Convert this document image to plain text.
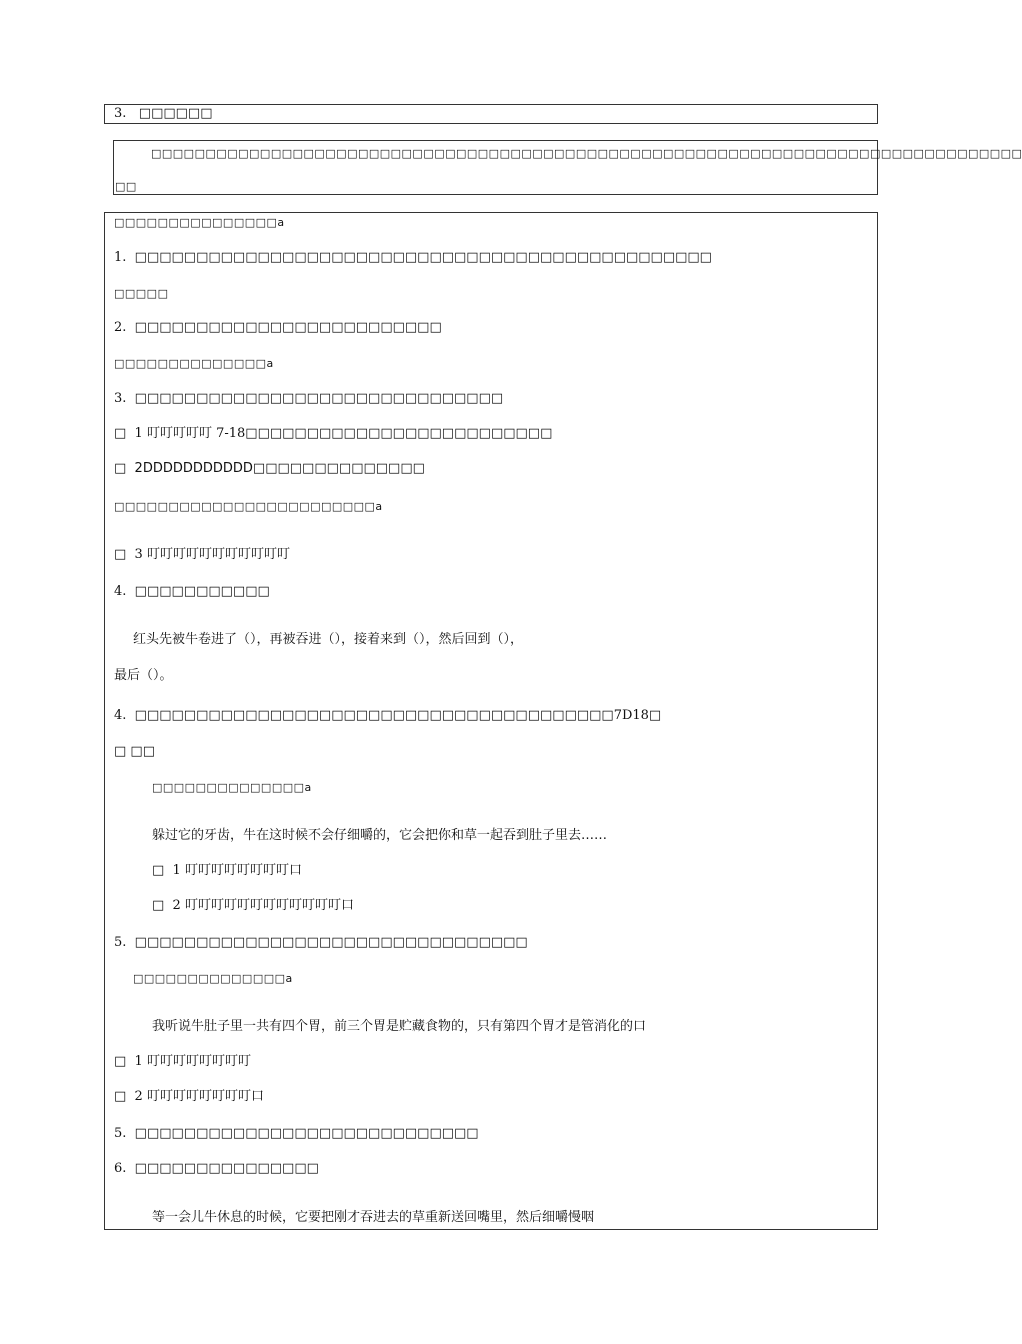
3.   □□□□□□
□□□□□□□□□□□□□□□□□□□□□□□□□□□□□□□□□□□□□□□□□□□□□□□□□□□□□□□□□□□□□□□□□□□□□□□□□□□□□□□□
□□
□□□□□□□□□□□□□□□a
1.  □□□□□□□□□□□□□□□□□□□□□□□□□□□□□□□□□□□□□□□□□□□□□□□
□□□□□
2.  □□□□□□□□□□□□□□□□□□□□□□□□□
□□□□□□□□□□□□□□a
3.  □□□□□□□□□□□□□□□□□□□□□□□□□□□□□□
□  1 叮叮叮叮叮 7-18□□□□□□□□□□□□□□□□□□□□□□□□□
□  2DDDDDDDDDDD□□□□□□□□□□□□□□
□□□□□□□□□□□□□□□□□□□□□□□□a
□  3 叮叮叮叮叮叮叮叮叮叮叮
4.  □□□□□□□□□□□
红头先被牛卷进了（），再被吞进（），接着来到（），然后回到（），
最后（）。
4.  □□□□□□□□□□□□□□□□□□□□□□□□□□□□□□□□□□□□□□□7D18□
□ □□
□□□□□□□□□□□□□□a
躲过它的牙齿，牛在这时候不会仔细嚼的，它会把你和草一起吞到肚子里去……
□  1 叮叮叮叮叮叮叮叮口
□  2 叮叮叮叮叮叮叮叮叮叮叮叮口
5.  □□□□□□□□□□□□□□□□□□□□□□□□□□□□□□□□
□□□□□□□□□□□□□□a
我听说牛肚子里一共有四个胃，前三个胃是贮藏食物的，只有第四个胃才是管消化的口
□  1 叮叮叮叮叮叮叮叮
□  2 叮叮叮叮叮叮叮叮口
5.  □□□□□□□□□□□□□□□□□□□□□□□□□□□□
6.  □□□□□□□□□□□□□□□
等一会儿牛休息的时候，它要把刚才吞进去的草重新送回嘴里，然后细嚼慢咽
